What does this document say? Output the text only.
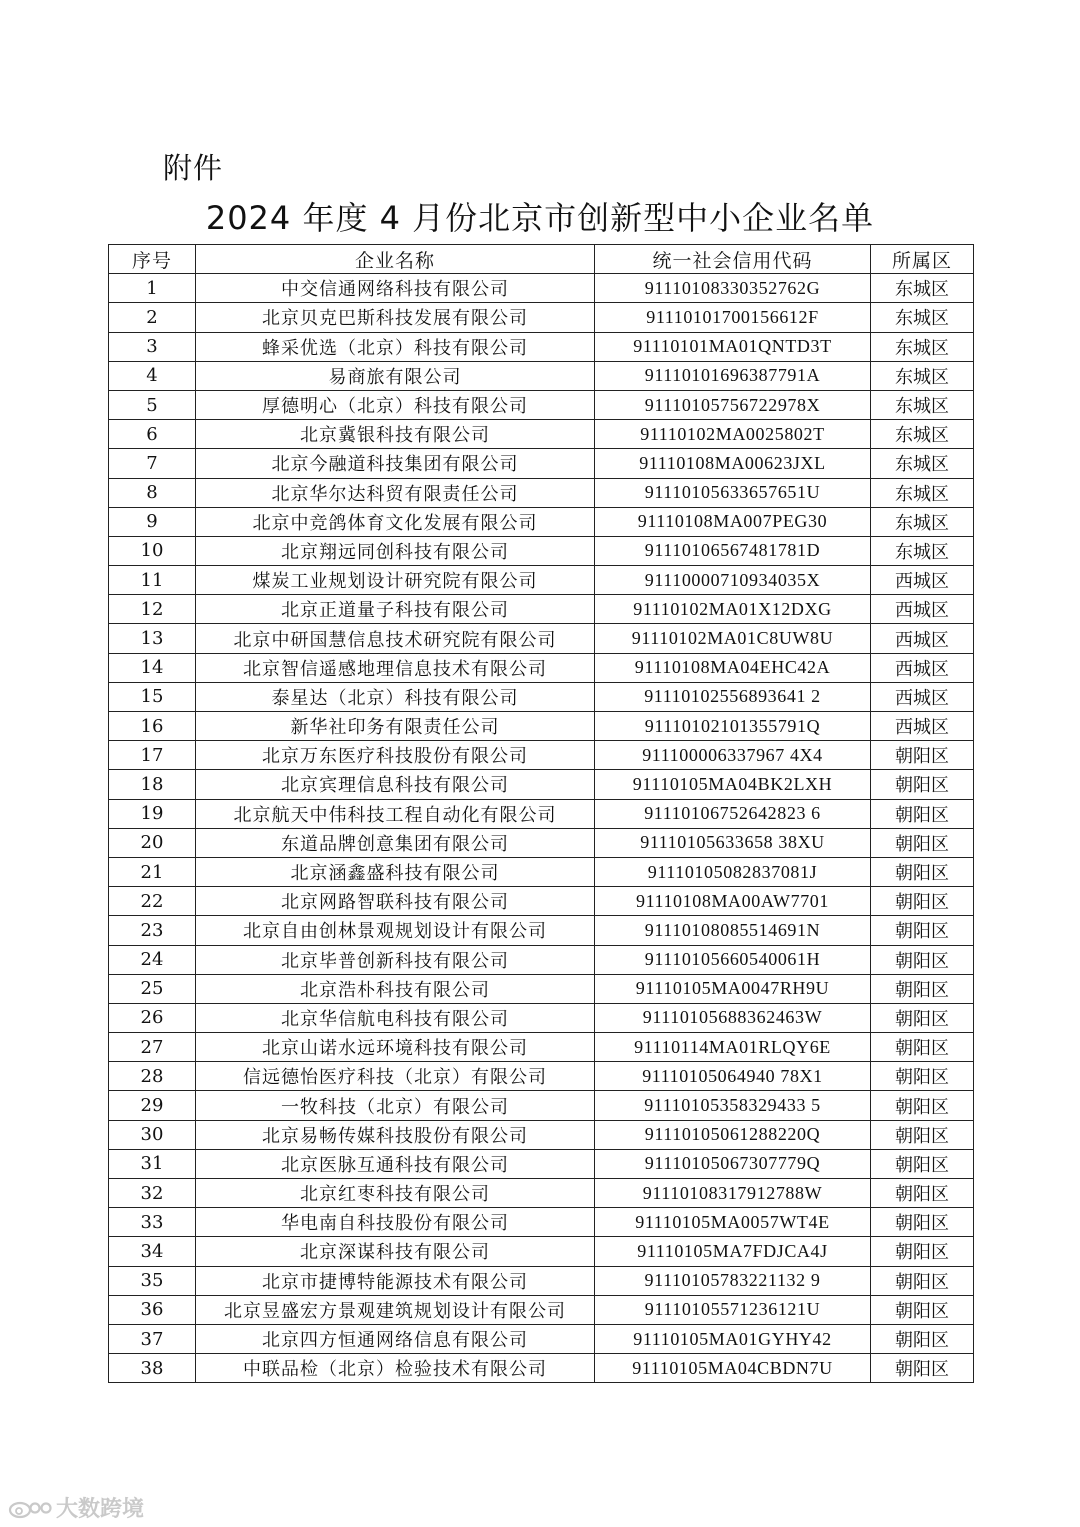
附件
2024 年度 4 月份北京市创新型中小企业名单
序号	企业名称	统一社会信用代码	所属区
1	中交信通网络科技有限公司	91110108330352762G	东城区
2	北京贝克巴斯科技发展有限公司	91110101700156612F	东城区
3	蜂采优选（北京）科技有限公司	91110101MA01QNTD3T	东城区
4	易商旅有限公司	91110101696387791A	东城区
5	厚德明心（北京）科技有限公司	91110105756722978X	东城区
6	北京冀银科技有限公司	91110102MA0025802T	东城区
7	北京今融道科技集团有限公司	91110108MA00623JXL	东城区
8	北京华尔达科贸有限责任公司	91110105633657651U	东城区
9	北京中竞鸽体育文化发展有限公司	91110108MA007PEG30	东城区
10	北京翔远同创科技有限公司	91110106567481781D	东城区
11	煤炭工业规划设计研究院有限公司	91110000710934035X	西城区
12	北京正道量子科技有限公司	91110102MA01X12DXG	西城区
13	北京中研国慧信息技术研究院有限公司	91110102MA01C8UW8U	西城区
14	北京智信遥感地理信息技术有限公司	91110108MA04EHC42A	西城区
15	泰星达（北京）科技有限公司	91110102556893641 2	西城区
16	新华社印务有限责任公司	91110102101355791Q	西城区
17	北京万东医疗科技股份有限公司	911100006337967 4X4	朝阳区
18	北京宾理信息科技有限公司	91110105MA04BK2LXH	朝阳区
19	北京航天中伟科技工程自动化有限公司	91110106752642823 6	朝阳区
20	东道品牌创意集团有限公司	91110105633658 38XU	朝阳区
21	北京涵鑫盛科技有限公司	91110105082837081J	朝阳区
22	北京网路智联科技有限公司	91110108MA00AW7701	朝阳区
23	北京自由创林景观规划设计有限公司	91110108085514691N	朝阳区
24	北京毕普创新科技有限公司	91110105660540061H	朝阳区
25	北京浩朴科技有限公司	91110105MA0047RH9U	朝阳区
26	北京华信航电科技有限公司	91110105688362463W	朝阳区
27	北京山诺水远环境科技有限公司	91110114MA01RLQY6E	朝阳区
28	信远德怡医疗科技（北京）有限公司	91110105064940 78X1	朝阳区
29	一牧科技（北京）有限公司	91110105358329433 5	朝阳区
30	北京易畅传媒科技股份有限公司	91110105061288220Q	朝阳区
31	北京医脉互通科技有限公司	91110105067307779Q	朝阳区
32	北京红枣科技有限公司	91110108317912788W	朝阳区
33	华电南自科技股份有限公司	91110105MA0057WT4E	朝阳区
34	北京深谋科技有限公司	91110105MA7FDJCA4J	朝阳区
35	北京市捷博特能源技术有限公司	91110105783221132 9	朝阳区
36	北京昱盛宏方景观建筑规划设计有限公司	91110105571236121U	朝阳区
37	北京四方恒通网络信息有限公司	91110105MA01GYHY42	朝阳区
38	中联品检（北京）检验技术有限公司	91110105MA04CBDN7U	朝阳区
大数跨境
